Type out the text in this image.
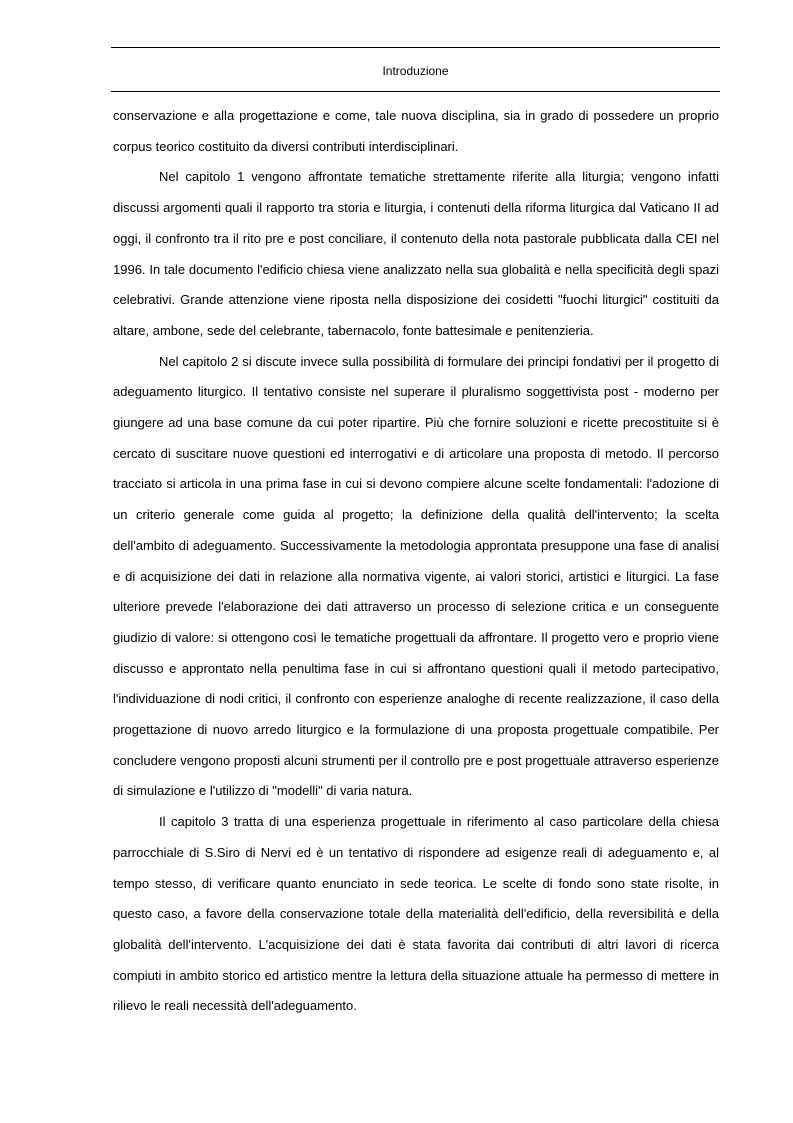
Introduzione

conservazione e alla progettazione e come, tale nuova disciplina, sia in grado di possedere un proprio corpus teorico costituito da diversi contributi interdisciplinari.

Nel capitolo 1 vengono affrontate tematiche strettamente riferite alla liturgia; vengono infatti discussi argomenti quali il rapporto tra storia e liturgia, i contenuti della riforma liturgica dal Vaticano II ad oggi, il confronto tra il rito pre e post conciliare, il contenuto della nota pastorale pubblicata dalla CEI nel 1996. In tale documento l'edificio chiesa viene analizzato nella sua globalità e nella specificità degli spazi celebrativi. Grande attenzione viene riposta nella disposizione dei cosidetti "fuochi liturgici" costituiti da altare, ambone, sede del celebrante, tabernacolo, fonte battesimale e penitenzieria.

Nel capitolo 2 si discute invece sulla possibilità di formulare dei principi fondativi per il progetto di adeguamento liturgico. Il tentativo consiste nel superare il pluralismo soggettivista post - moderno per giungere ad una base comune da cui poter ripartire. Più che fornire soluzioni e ricette precostituite si è cercato di suscitare nuove questioni ed interrogativi e di articolare una proposta di metodo. Il percorso tracciato si articola in una prima fase in cui si devono compiere alcune scelte fondamentali: l'adozione di un criterio generale come guida al progetto; la definizione della qualità dell'intervento; la scelta dell'ambito di adeguamento. Successivamente la metodologia approntata presuppone una fase di analisi e di acquisizione dei dati in relazione alla normativa vigente, ai valori storici, artistici e liturgici. La fase ulteriore prevede l'elaborazione dei dati attraverso un processo di selezione critica e un conseguente giudizio di valore: si ottengono così le tematiche progettuali da affrontare. Il progetto vero e proprio viene discusso e approntato nella penultima fase in cui si affrontano questioni quali il metodo partecipativo, l'individuazione di nodi critici, il confronto con esperienze analoghe di recente realizzazione, il caso della progettazione di nuovo arredo liturgico e la formulazione di una proposta progettuale compatibile. Per concludere vengono proposti alcuni strumenti per il controllo pre e post progettuale attraverso esperienze di simulazione e l'utilizzo di "modelli" di varia natura.

Il capitolo 3 tratta di una esperienza progettuale in riferimento al caso particolare della chiesa parrocchiale di S.Siro di Nervi ed è un tentativo di rispondere ad esigenze reali di adeguamento e, al tempo stesso, di verificare quanto enunciato in sede teorica. Le scelte di fondo sono state risolte, in questo caso, a favore della conservazione totale della materialità dell'edificio, della reversibilità e della globalità dell'intervento. L'acquisizione dei dati è stata favorita dai contributi di altri lavori di ricerca compiuti in ambito storico ed artistico mentre la lettura della situazione attuale ha permesso di mettere in rilievo le reali necessità dell'adeguamento.
